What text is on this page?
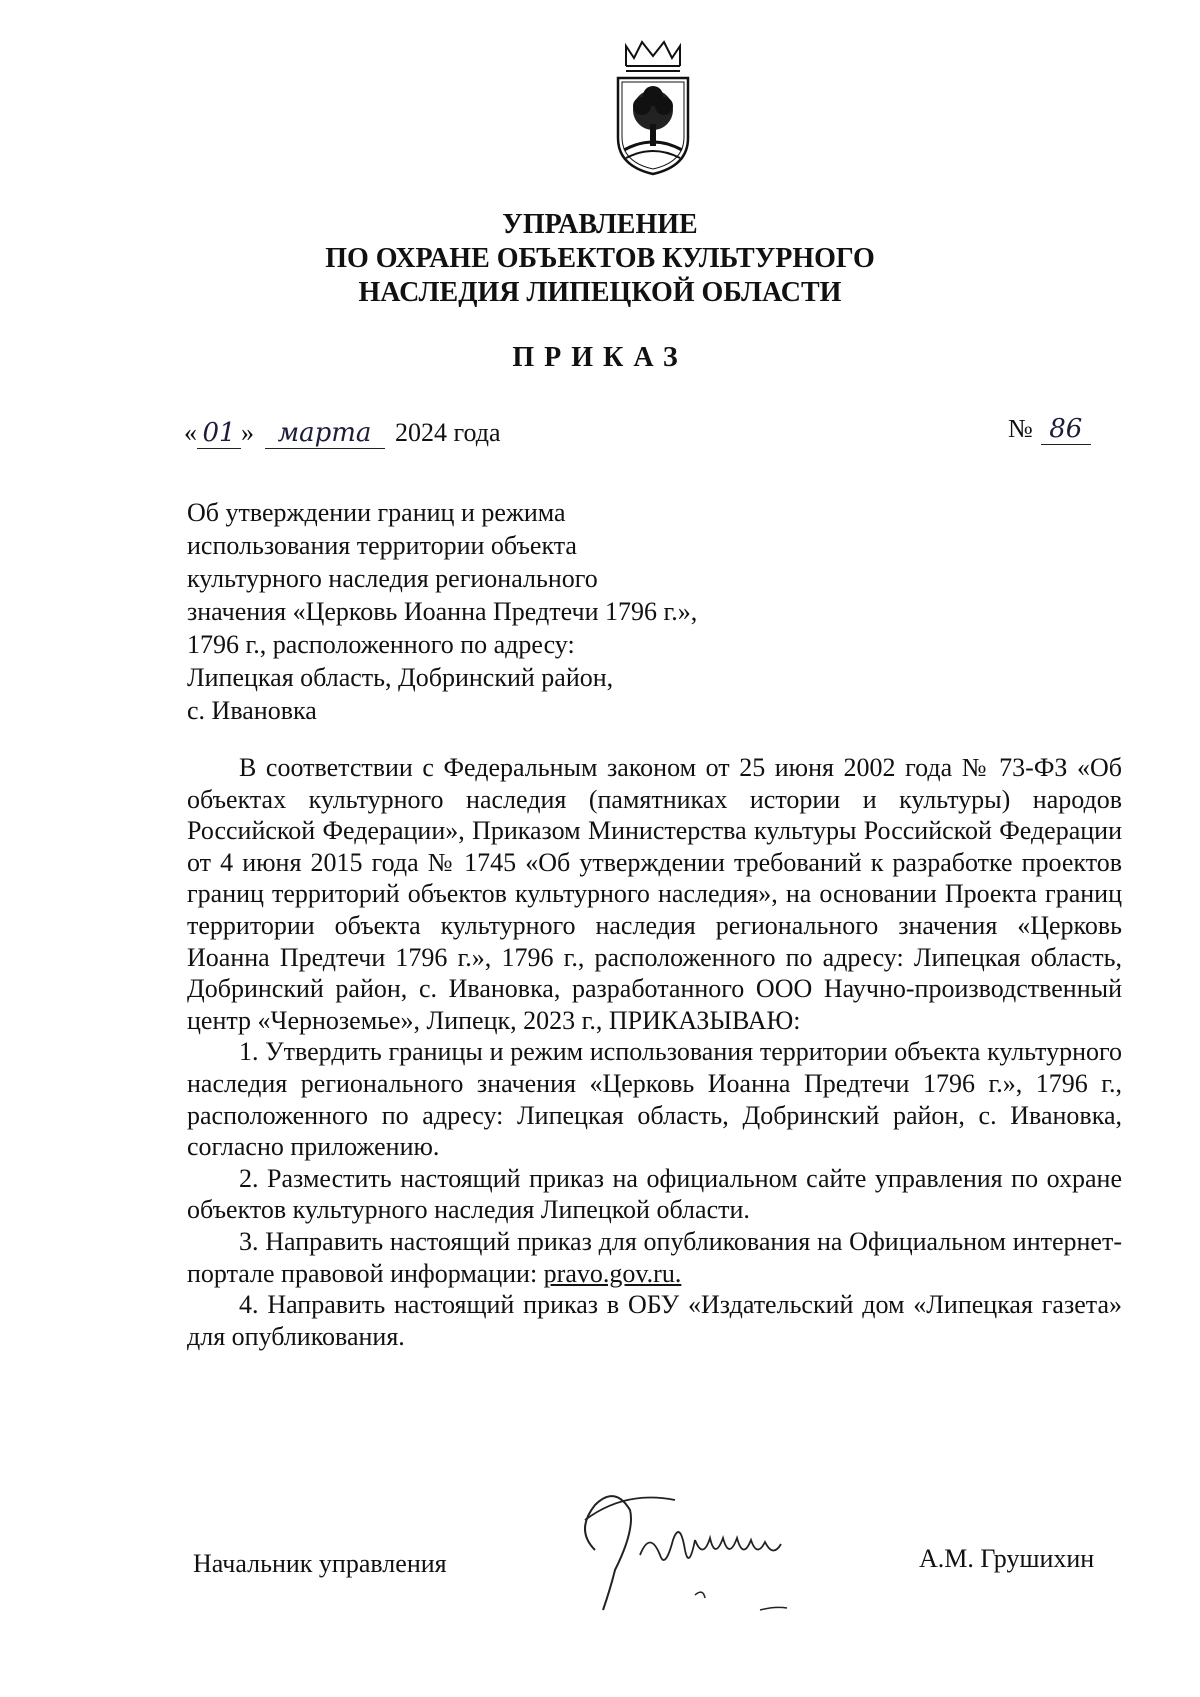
УПРАВЛЕНИЕ
ПО ОХРАНЕ ОБЪЕКТОВ КУЛЬТУРНОГО
НАСЛЕДИЯ ЛИПЕЦКОЙ ОБЛАСТИ
ПРИКАЗ
« 01 » марта 2024 года	№ 86
Об утверждении границ и режима
использования территории объекта
культурного наследия регионального
значения «Церковь Иоанна Предтечи 1796 г.»,
1796 г., расположенного по адресу:
Липецкая область, Добринский район,
с. Ивановка

В соответствии с Федеральным законом от 25 июня 2002 года № 73-ФЗ «Об объектах культурного наследия (памятниках истории и культуры) народов Российской Федерации», Приказом Министерства культуры Российской Федерации от 4 июня 2015 года № 1745 «Об утверждении требований к разработке проектов границ территорий объектов культурного наследия», на основании Проекта границ территории объекта культурного наследия регионального значения «Церковь Иоанна Предтечи 1796 г.», 1796 г., расположенного по адресу: Липецкая область, Добринский район, с. Ивановка, разработанного ООО Научно-производственный центр «Черноземье», Липецк, 2023 г., ПРИКАЗЫВАЮ:

1. Утвердить границы и режим использования территории объекта культурного наследия регионального значения «Церковь Иоанна Предтечи 1796 г.», 1796 г., расположенного по адресу: Липецкая область, Добринский район, с. Ивановка, согласно приложению.

2. Разместить настоящий приказ на официальном сайте управления по охране объектов культурного наследия Липецкой области.

3. Направить настоящий приказ для опубликования на Официальном интернет-портале правовой информации: pravo.gov.ru.

4. Направить настоящий приказ в ОБУ «Издательский дом «Липецкая газета» для опубликования.

Начальник управления	А.М. Грушихин
